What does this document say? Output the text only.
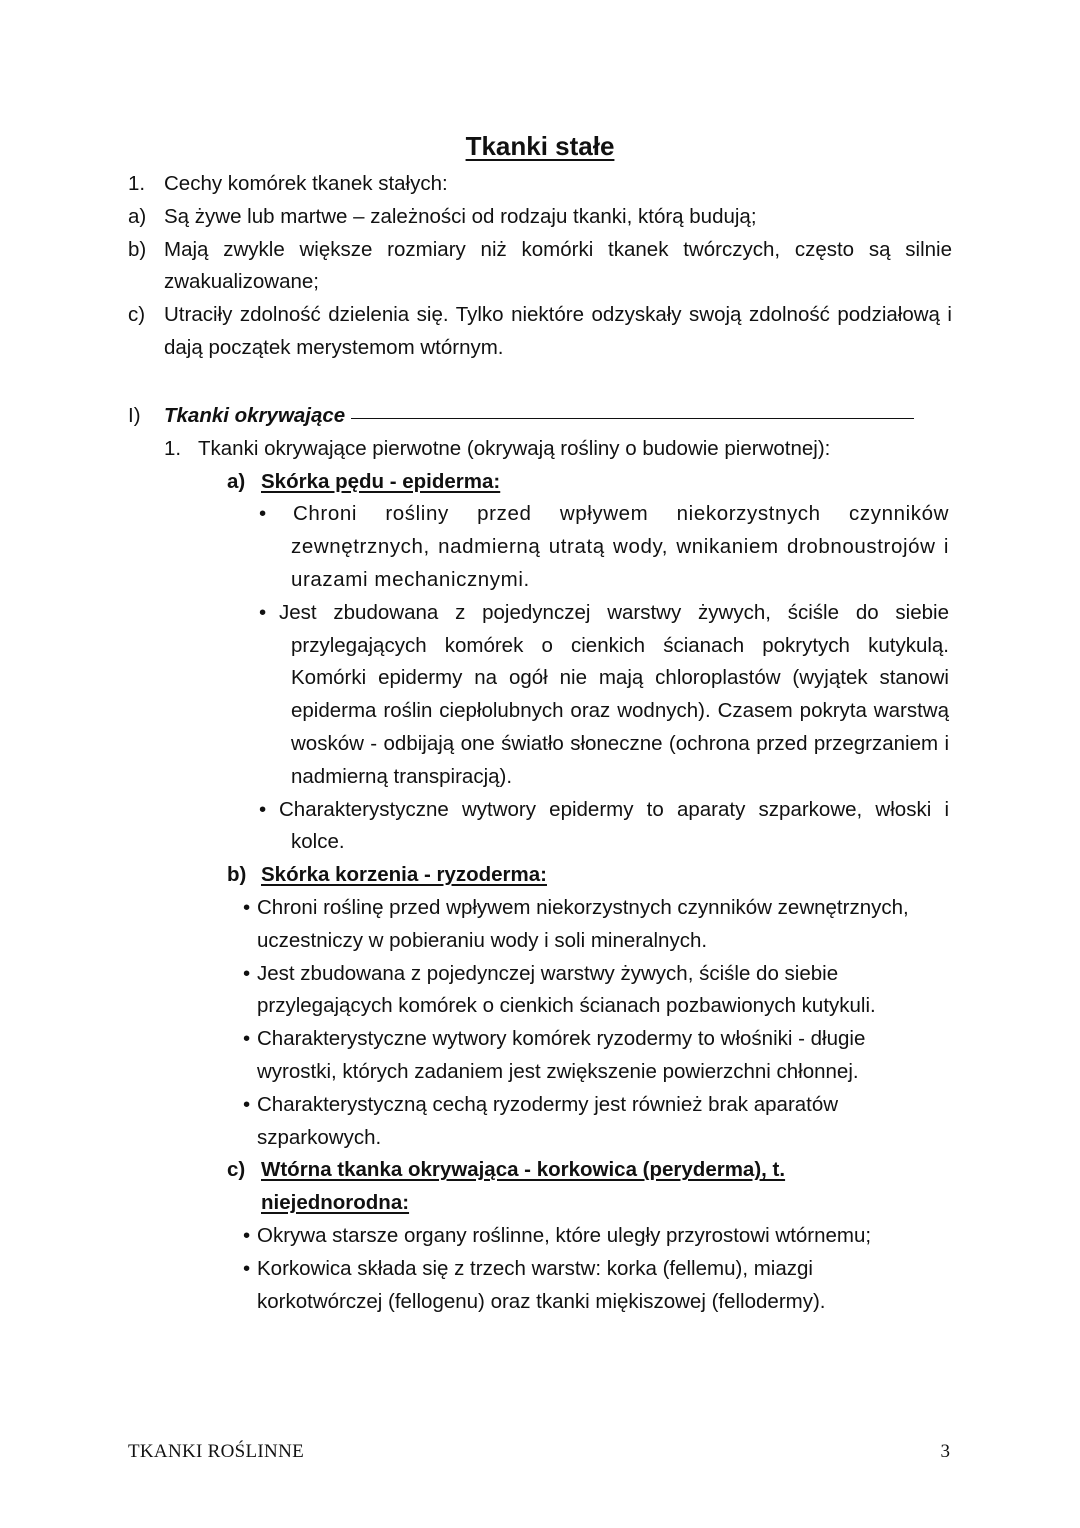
Tkanki stałe
1. Cechy komórek tkanek stałych:
a) Są żywe lub martwe – zależności od rodzaju tkanki, którą budują;
b) Mają zwykle większe rozmiary niż komórki tkanek twórczych, często są silnie zwakualizowane;
c) Utraciły zdolność dzielenia się. Tylko niektóre odzyskały swoją zdolność podziałową i dają początek merystemom wtórnym.
I) Tkanki okrywające
1. Tkanki okrywające pierwotne (okrywają rośliny o budowie pierwotnej):
a) Skórka pędu - epiderma:
• Chroni rośliny przed wpływem niekorzystnych czynników zewnętrznych, nadmierną utratą wody, wnikaniem drobnoustrojów i urazami mechanicznymi.
• Jest zbudowana z pojedynczej warstwy żywych, ściśle do siebie przylegających komórek o cienkich ścianach pokrytych kutykulą. Komórki epidermy na ogół nie mają chloroplastów (wyjątek stanowi epiderma roślin ciepłolubnych oraz wodnych). Czasem pokryta warstwą wosków - odbijają one światło słoneczne (ochrona przed przegrzaniem i nadmierną transpiracją).
• Charakterystyczne wytwory epidermy to aparaty szparkowe, włoski i kolce.
b) Skórka korzenia - ryzoderma:
• Chroni roślinę przed wpływem niekorzystnych czynników zewnętrznych, uczestniczy w pobieraniu wody i soli mineralnych.
• Jest zbudowana z pojedynczej warstwy żywych, ściśle do siebie przylegających komórek o cienkich ścianach pozbawionych kutykuli.
• Charakterystyczne wytwory komórek ryzodermy to włośniki - długie wyrostki, których zadaniem jest zwiększenie powierzchni chłonnej.
• Charakterystyczną cechą ryzodermy jest również brak aparatów szparkowych.
c) Wtórna tkanka okrywająca - korkowica (peryderma), t. niejednorodna:
• Okrywa starsze organy roślinne, które uległy przyrostowi wtórnemu;
• Korkowica składa się z trzech warstw: korka (fellemu), miazgi korkotwórczej (fellogenu) oraz tkanki miękiszowej (fellodermy).
TKANKI ROŚLINNE	3
